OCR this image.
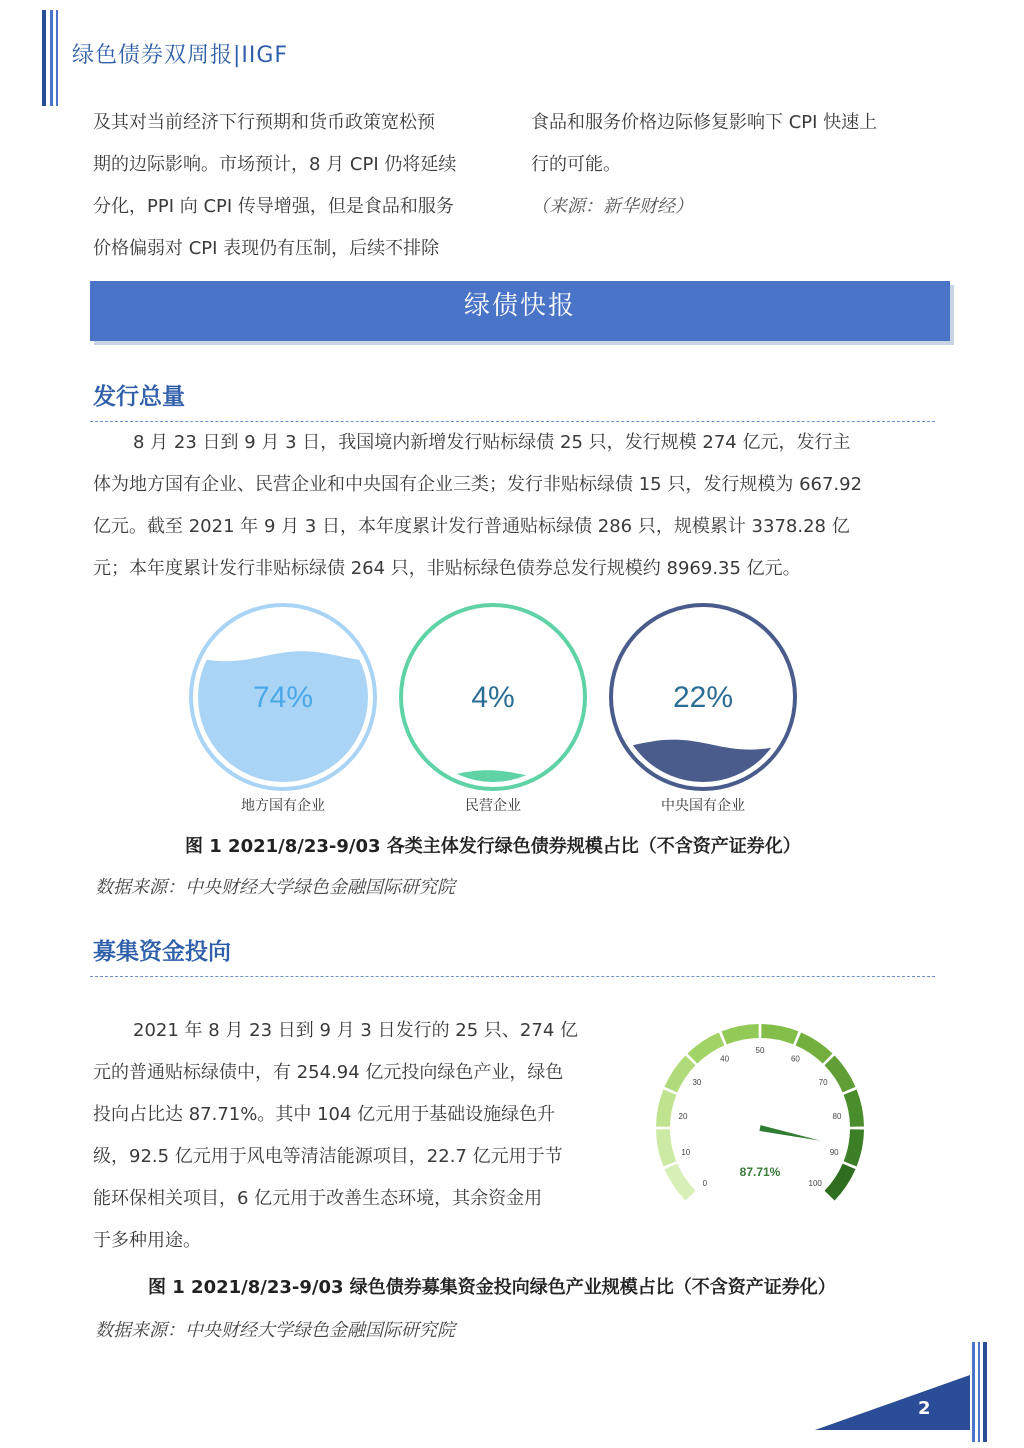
绿色债券双周报|IIGF
及其对当前经济下行预期和货币政策宽松预
期的边际影响。市场预计，8 月 CPI 仍将延续
分化，PPI 向 CPI 传导增强，但是食品和服务
价格偏弱对 CPI 表现仍有压制，后续不排除
食品和服务价格边际修复影响下 CPI 快速上
行的可能。
（来源：新华财经）
绿债快报
发行总量
8 月 23 日到 9 月 3 日，我国境内新增发行贴标绿债 25 只，发行规模 274 亿元，发行主
体为地方国有企业、民营企业和中央国有企业三类；发行非贴标绿债 15 只，发行规模为 667.92
亿元。截至 2021 年 9 月 3 日，本年度累计发行普通贴标绿债 286 只，规模累计 3378.28 亿
元；本年度累计发行非贴标绿债 264 只，非贴标绿色债券总发行规模约 8969.35 亿元。
74%
地方国有企业
4%
民营企业
22%
中央国有企业
图 1 2021/8/23-9/03 各类主体发行绿色债券规模占比（不含资产证券化）
数据来源：中央财经大学绿色金融国际研究院
募集资金投向
2021 年 8 月 23 日到 9 月 3 日发行的 25 只、274 亿
元的普通贴标绿债中，有 254.94 亿元投向绿色产业，绿色
投向占比达 87.71%。其中 104 亿元用于基础设施绿色升
级，92.5 亿元用于风电等清洁能源项目，22.7 亿元用于节
能环保相关项目，6 亿元用于改善生态环境，其余资金用
于多种用途。
0
10
20
30
40
50
60
70
80
90
100
87.71%
图 1 2021/8/23-9/03 绿色债券募集资金投向绿色产业规模占比（不含资产证券化）
数据来源：中央财经大学绿色金融国际研究院
2
